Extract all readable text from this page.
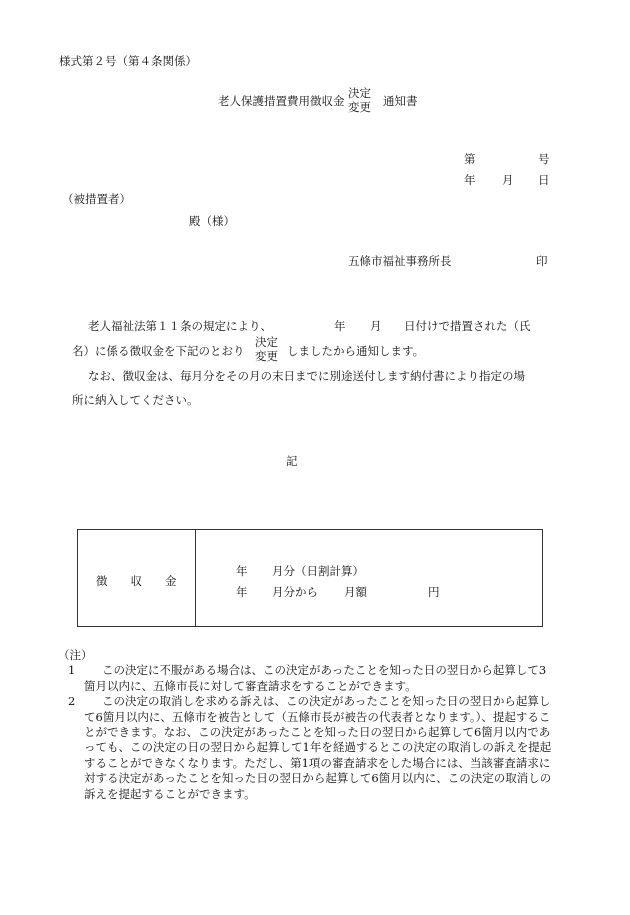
様式第２号（第４条関係）
老人保護措置費用徴収金
決定
変更 通知書
第	号
年 月 日
（被措置者）
殿（様）
五條市福祉事務所長	印
老人福祉法第１１条の規定により、	年 月 日付けで措置された（氏
名）に係る徴収金を下記のとおり
決定
変更 しましたから通知します。
なお、徴収金は、毎月分をその月の末日までに別途送付します納付書により指定の場
所に納入してください。
記
徴　　収　　金
年 月分（日割計算）
年 月分から 月額	円
（注）
1	この決定に不服がある場合は、この決定があったことを知った日の翌日から起算して3箇月以内に、五條市長に対して審査請求をすることができます。
2	この決定の取消しを求める訴えは、この決定があったことを知った日の翌日から起算して6箇月以内に、五條市を被告として（五條市長が被告の代表者となります。）、提起することができます。なお、この決定があったことを知った日の翌日から起算して6箇月以内であっても、この決定の日の翌日から起算して1年を経過するとこの決定の取消しの訴えを提起することができなくなります。ただし、第1項の審査請求をした場合には、当該審査請求に対する決定があったことを知った日の翌日から起算して6箇月以内に、この決定の取消しの訴えを提起することができます。
